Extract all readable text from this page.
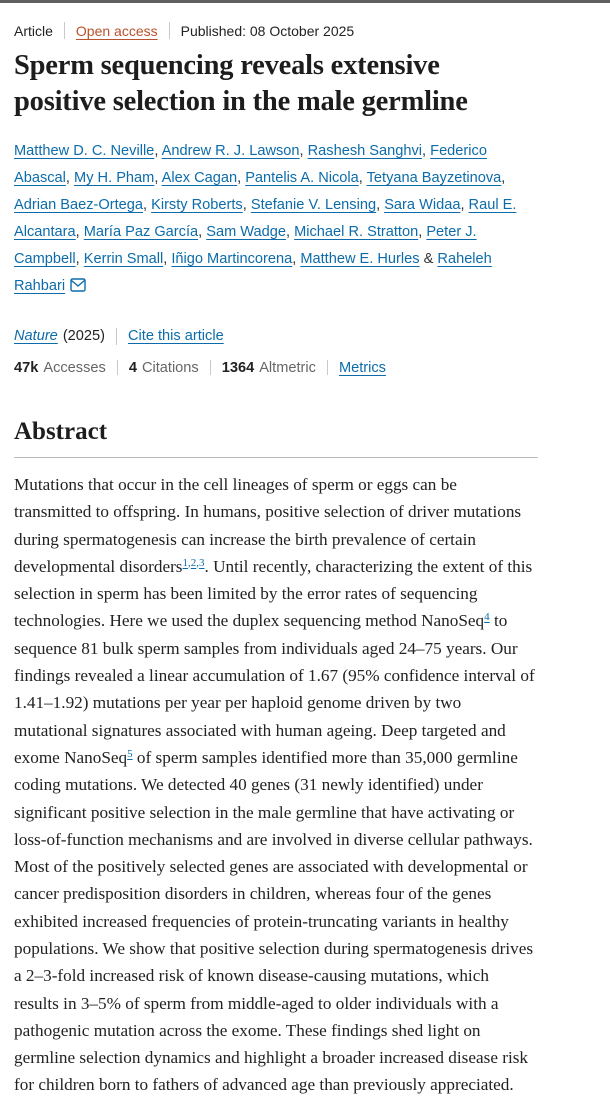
Article Open access Published: 08 October 2025
Sperm sequencing reveals extensive positive selection in the male germline

Matthew D. C. Neville, Andrew R. J. Lawson, Rashesh Sanghvi, Federico Abascal, My H. Pham, Alex Cagan, Pantelis A. Nicola, Tetyana Bayzetinova, Adrian Baez-Ortega, Kirsty Roberts, Stefanie V. Lensing, Sara Widaa, Raul E. Alcantara, María Paz García, Sam Wadge, Michael R. Stratton, Peter J. Campbell, Kerrin Small, Iñigo Martincorena, Matthew E. Hurles & Raheleh Rahbari

Nature (2025) Cite this article
47k Accesses 4 Citations 1364 Altmetric Metrics
Abstract

Mutations that occur in the cell lineages of sperm or eggs can be transmitted to offspring. In humans, positive selection of driver mutations during spermatogenesis can increase the birth prevalence of certain developmental disorders$^{1,2,3}$. Until recently, characterizing the extent of this selection in sperm has been limited by the error rates of sequencing technologies. Here we used the duplex sequencing method NanoSeq$^4$ to sequence 81 bulk sperm samples from individuals aged 24–75 years. Our findings revealed a linear accumulation of 1.67 (95% confidence interval of 1.41–1.92) mutations per year per haploid genome driven by two mutational signatures associated with human ageing. Deep targeted and exome NanoSeq$^5$ of sperm samples identified more than 35,000 germline coding mutations. We detected 40 genes (31 newly identified) under significant positive selection in the male germline that have activating or loss-of-function mechanisms and are involved in diverse cellular pathways. Most of the positively selected genes are associated with developmental or cancer predisposition disorders in children, whereas four of the genes exhibited increased frequencies of protein-truncating variants in healthy populations. We show that positive selection during spermatogenesis drives a 2–3-fold increased risk of known disease-causing mutations, which results in 3–5% of sperm from middle-aged to older individuals with a pathogenic mutation across the exome. These findings shed light on germline selection dynamics and highlight a broader increased disease risk for children born to fathers of advanced age than previously appreciated.
